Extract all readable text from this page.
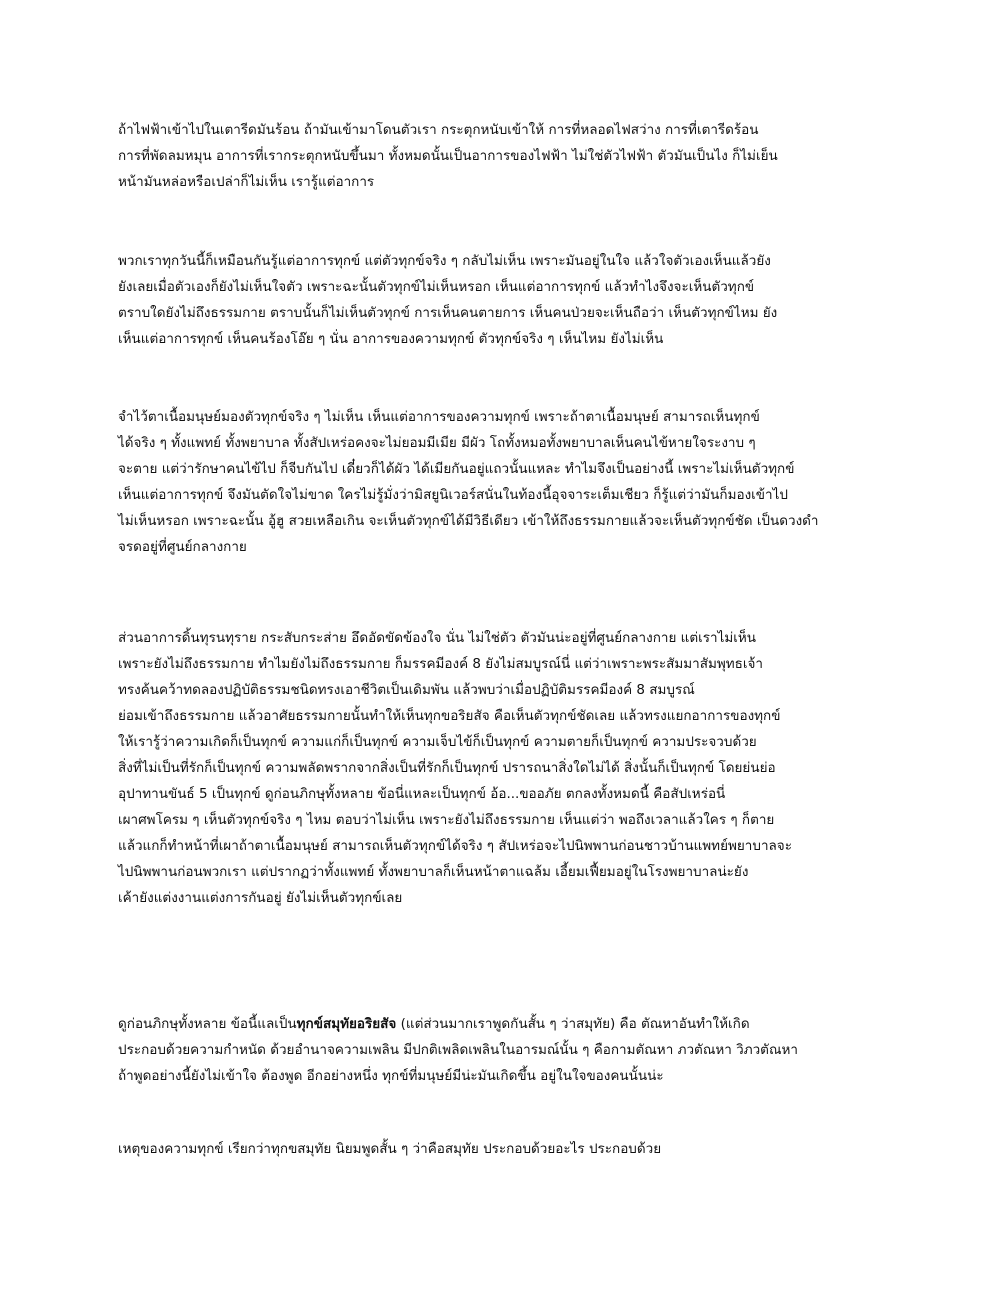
ถ้าไฟฟ้าเข้าไปในเตารีดมันร้อน ถ้ามันเข้ามาโดนตัวเรา กระตุกหนับเข้าให้ การที่หลอดไฟสว่าง การที่เตารีดร้อน
การที่พัดลมหมุน อาการที่เรากระตุกหนับขึ้นมา ทั้งหมดนั้นเป็นอาการของไฟฟ้า ไม่ใช่ตัวไฟฟ้า ตัวมันเป็นไง ก็ไม่เย็น
หน้ามันหล่อหรือเปล่าก็ไม่เห็น เรารู้แต่อาการ
พวกเราทุกวันนี้ก็เหมือนกันรู้แต่อาการทุกข์ แต่ตัวทุกข์จริง ๆ กลับไม่เห็น เพราะมันอยู่ในใจ แล้วใจตัวเองเห็นแล้วยัง
ยังเลยเมื่อตัวเองก็ยังไม่เห็นใจตัว เพราะฉะนั้นตัวทุกข์ไม่เห็นหรอก เห็นแต่อาการทุกข์ แล้วทำไงจึงจะเห็นตัวทุกข์
ตราบใดยังไม่ถึงธรรมกาย ตราบนั้นก็ไม่เห็นตัวทุกข์ การเห็นคนตายการ เห็นคนป่วยจะเห็นถือว่า เห็นตัวทุกข์ไหม ยัง
เห็นแต่อาการทุกข์ เห็นคนร้องโอ๊ย ๆ นั่น อาการของความทุกข์ ตัวทุกข์จริง ๆ เห็นไหม ยังไม่เห็น
จำไว้ตาเนื้อมนุษย์มองตัวทุกข์จริง ๆ ไม่เห็น เห็นแต่อาการของความทุกข์ เพราะถ้าตาเนื้อมนุษย์ สามารถเห็นทุกข์
ได้จริง ๆ ทั้งแพทย์ ทั้งพยาบาล ทั้งสัปเหร่อคงจะไม่ยอมมีเมีย มีผัว โถทั้งหมอทั้งพยาบาลเห็นคนไข้หายใจระงาบ ๆ
จะตาย แต่ว่ารักษาคนไข้ไป ก็จีบกันไป เดี๋ยวก็ได้ผัว ได้เมียกันอยู่แถวนั้นแหละ ทำไมจึงเป็นอย่างนี้ เพราะไม่เห็นตัวทุกข์
เห็นแต่อาการทุกข์ จึงมันตัดใจไม่ขาด ใครไม่รู้มั่งว่ามิสยูนิเวอร์สนั่นในท้องนี้อุจจาระเต็มเชียว ก็รู้แต่ว่ามันก็มองเข้าไป
ไม่เห็นหรอก เพราะฉะนั้น อู้ฮู สวยเหลือเกิน จะเห็นตัวทุกข์ได้มีวิธีเดียว เข้าให้ถึงธรรมกายแล้วจะเห็นตัวทุกข์ชัด เป็นดวงดำ
จรดอยู่ที่ศูนย์กลางกาย
ส่วนอาการดิ้นทุรนทุราย กระสับกระส่าย อึดอัดขัดข้องใจ นั่น ไม่ใช่ตัว ตัวมันน่ะอยู่ที่ศูนย์กลางกาย แต่เราไม่เห็น
เพราะยังไม่ถึงธรรมกาย ทำไมยังไม่ถึงธรรมกาย ก็มรรคมีองค์ 8 ยังไม่สมบูรณ์นี่ แต่ว่าเพราะพระสัมมาสัมพุทธเจ้า
ทรงค้นคว้าทดลองปฏิบัติธรรมชนิดทรงเอาชีวิตเป็นเดิมพัน แล้วพบว่าเมื่อปฏิบัติมรรคมีองค์ 8 สมบูรณ์
ย่อมเข้าถึงธรรมกาย แล้วอาศัยธรรมกายนั้นทำให้เห็นทุกขอริยสัจ คือเห็นตัวทุกข์ชัดเลย แล้วทรงแยกอาการของทุกข์
ให้เรารู้ว่าความเกิดก็เป็นทุกข์ ความแก่ก็เป็นทุกข์ ความเจ็บไข้ก็เป็นทุกข์ ความตายก็เป็นทุกข์ ความประจวบด้วย
สิ่งที่ไม่เป็นที่รักก็เป็นทุกข์ ความพลัดพรากจากสิ่งเป็นที่รักก็เป็นทุกข์ ปรารถนาสิ่งใดไม่ได้ สิ่งนั้นก็เป็นทุกข์ โดยย่นย่อ
อุปาทานขันธ์ 5 เป็นทุกข์ ดูก่อนภิกษุทั้งหลาย ข้อนี่แหละเป็นทุกข์ อ้อ...ขออภัย ตกลงทั้งหมดนี้ คือสัปเหร่อนี่
เผาศพโครม ๆ เห็นตัวทุกข์จริง ๆ ไหม ตอบว่าไม่เห็น เพราะยังไม่ถึงธรรมกาย เห็นแต่ว่า พอถึงเวลาแล้วใคร ๆ ก็ตาย
แล้วแกก็ทำหน้าที่เผาถ้าตาเนื้อมนุษย์ สามารถเห็นตัวทุกข์ได้จริง ๆ สัปเหร่อจะไปนิพพานก่อนชาวบ้านแพทย์พยาบาลจะ
ไปนิพพานก่อนพวกเรา แต่ปรากฏว่าทั้งแพทย์ ทั้งพยาบาลก็เห็นหน้าตาแฉล้ม เอี้ยมเฟี้ยมอยู่ในโรงพยาบาลน่ะยัง
เค้ายังแต่งงานแต่งการกันอยู่ ยังไม่เห็นตัวทุกข์เลย
ดูก่อนภิกษุทั้งหลาย ข้อนี้แลเป็นทุกข์สมุทัยอริยสัจ (แต่ส่วนมากเราพูดกันสั้น ๆ ว่าสมุทัย) คือ ตัณหาอันทำให้เกิด
ประกอบด้วยความกำหนัด ด้วยอำนาจความเพลิน มีปกติเพลิดเพลินในอารมณ์นั้น ๆ คือกามตัณหา ภวตัณหา วิภวตัณหา
ถ้าพูดอย่างนี้ยังไม่เข้าใจ ต้องพูด อีกอย่างหนึ่ง ทุกข์ที่มนุษย์มีน่ะมันเกิดขึ้น อยู่ในใจของคนนั้นน่ะ
เหตุของความทุกข์ เรียกว่าทุกขสมุทัย นิยมพูดสั้น ๆ ว่าคือสมุทัย ประกอบด้วยอะไร ประกอบด้วย
